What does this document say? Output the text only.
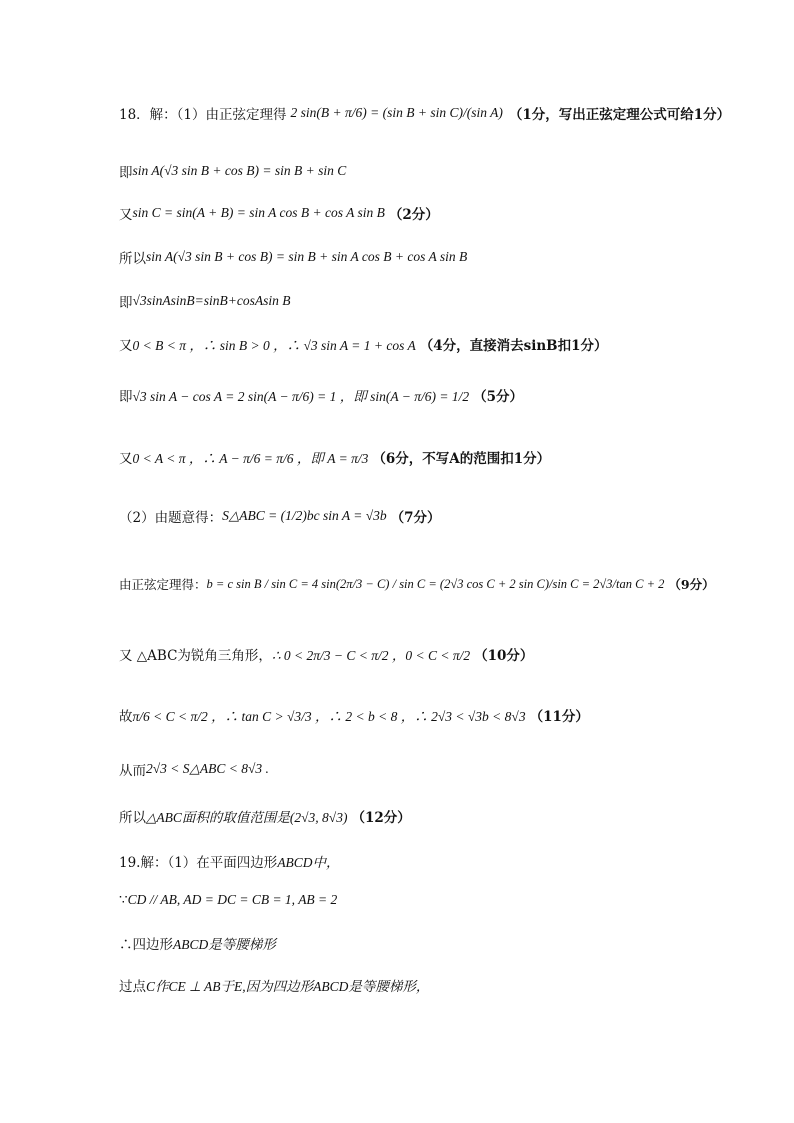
18．解：（1）由正弦定理得 2 sin(B + π/6) = (sin B + sin C)/(sin A) （1分，写出正弦定理公式可给1分）
即 sin A(√3 sin B + cos B) = sin B + sin C
又 sin C = sin(A + B) = sin A cos B + cos A sin B （2分）
所以 sin A(√3 sin B + cos B) = sin B + sin A cos B + cos A sin B
即 √3sinAsinB=sinB+cosAsin B
又 0 < B < π ，∴ sin B > 0 ，∴ √3 sin A = 1 + cos A （4分，直接消去sinB扣1分）
即 √3 sin A − cos A = 2 sin(A − π/6) = 1 ，即 sin(A − π/6) = 1/2 （5分）
又 0 < A < π ，∴ A − π/6 = π/6 ，即 A = π/3 （6分，不写A的范围扣1分）
（2）由题意得： S△ABC = (1/2)bc sin A = √3b （7分）
由正弦定理得： b = c sin B / sin C = 4 sin(2π/3 − C) / sin C = (2√3 cos C + 2 sin C)/sin C = 2√3/tan C + 2 （9分）
又 △ABC为锐角三角形， ∴ 0 < 2π/3 − C < π/2 ，0 < C < π/2 （10分）
故 π/6 < C < π/2 ，∴ tan C > √3/3 ，∴ 2 < b < 8 ，∴ 2√3 < √3b < 8√3 （11分）
从而 2√3 < S△ABC < 8√3 .
所以 △ABC面积的取值范围是(2√3, 8√3) （12分）
19.解：（1）在平面四边形 ABCD中，
∵ CD // AB, AD = DC = CB = 1, AB = 2
∴四边形 ABCD是等腰梯形
过点 C作CE ⊥ AB于E,因为四边形ABCD是等腰梯形，
